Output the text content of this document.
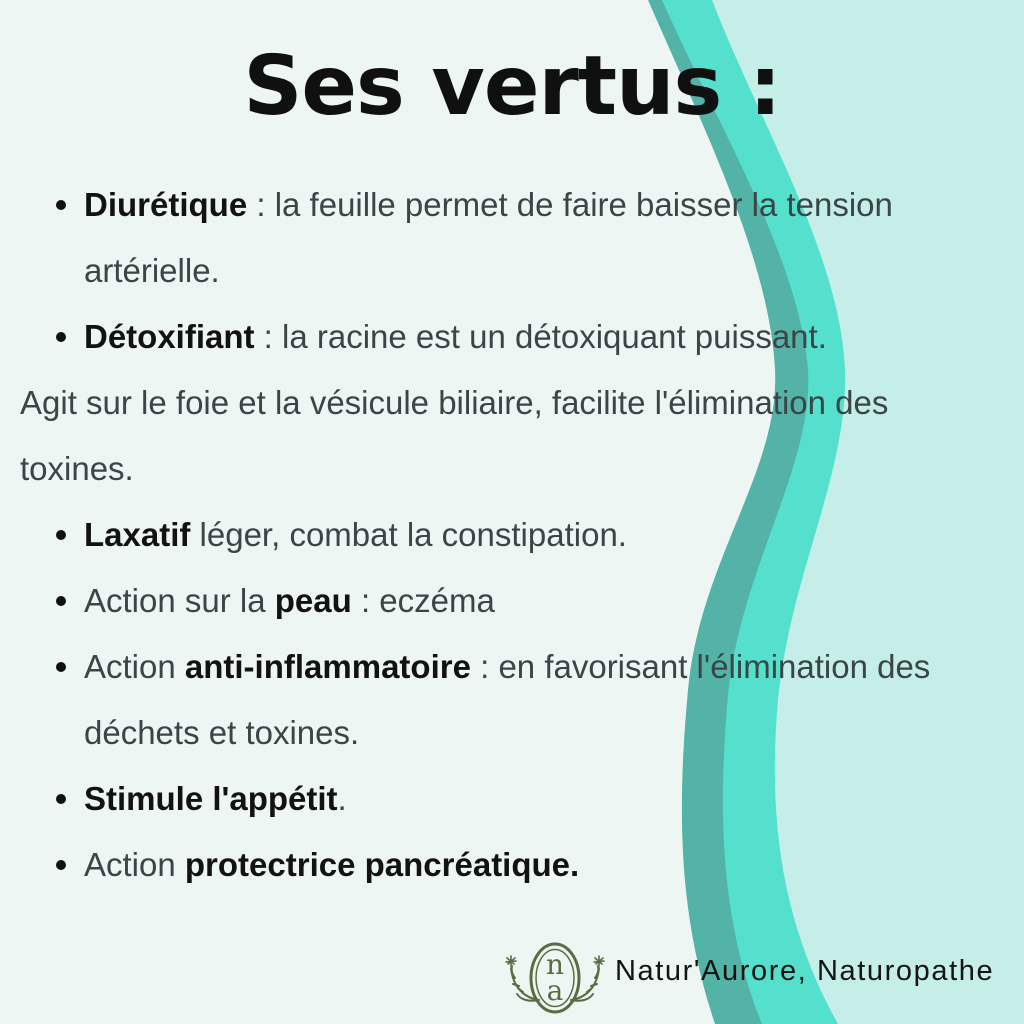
Ses vertus :
Diurétique : la feuille permet de faire baisser la tension artérielle.
Détoxifiant : la racine est un détoxiquant puissant.
Agit sur le foie et la vésicule biliaire, facilite l'élimination des toxines.
Laxatif léger, combat la constipation.
Action sur la peau : eczéma
Action anti-inflammatoire : en favorisant l'élimination des déchets et toxines.
Stimule l'appétit.
Action protectrice pancréatique.
n
a
Natur'Aurore, Naturopathe
